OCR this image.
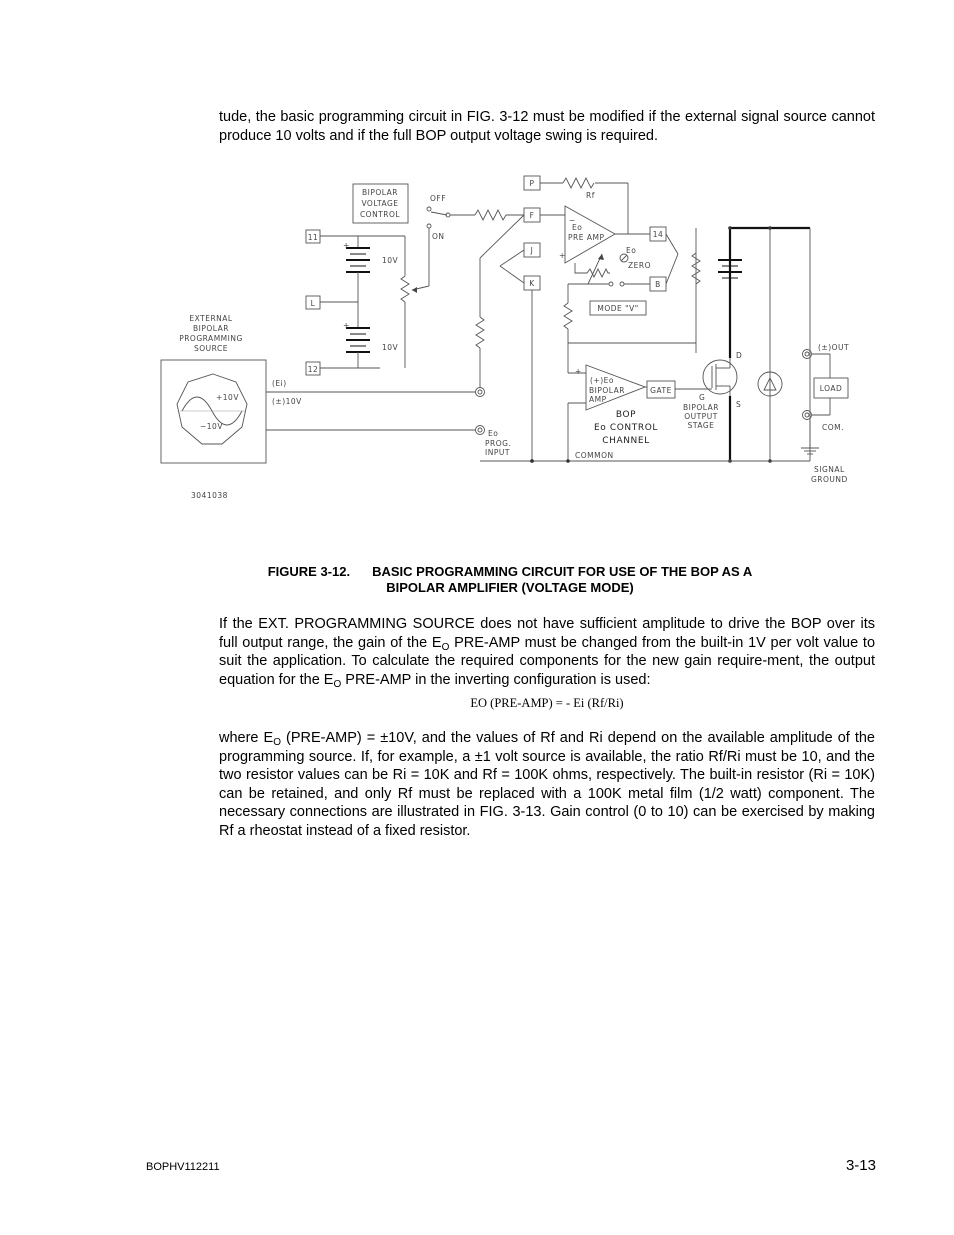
tude, the basic programming circuit in FIG. 3-12 must be modified if the external signal source cannot produce 10 volts and if the full BOP output voltage swing is required.

BIPOLAR
VOLTAGE
CONTROL
OFF
ON
11
L
12
+
10V
+
10V
EXTERNAL
BIPOLAR
PROGRAMMING
SOURCE
+10V
−10V
(Ei)
(±)10V
Eo
PROG.
INPUT
P
F
J
K
Rf
Eo
PRE AMP
−
+
14
B
Eo
ZERO
MODE "V"
(+)Eo
BIPOLAR
AMP
+
GATE
BOP
Eo CONTROL
CHANNEL
D
G
S
BIPOLAR
OUTPUT
STAGE
COMMON
(±)OUT
COM.
LOAD
SIGNAL
GROUND
3041038
FIGURE 3-12. BASIC PROGRAMMING CIRCUIT FOR USE OF THE BOP AS A
BIPOLAR AMPLIFIER (VOLTAGE MODE)

If the EXT. PROGRAMMING SOURCE does not have sufficient amplitude to drive the BOP over its full output range, the gain of the $E_O$ PRE-AMP must be changed from the built-in 1V per volt value to suit the application. To calculate the required components for the new gain require-ment, the output equation for the $E_O$ PRE-AMP in the inverting configuration is used:

EO (PRE-AMP) = - Ei (Rf/Ri)

where $E_O$ (PRE-AMP) = ±10V, and the values of Rf and Ri depend on the available amplitude of the programming source. If, for example, a ±1 volt source is available, the ratio Rf/Ri must be 10, and the two resistor values can be Ri = 10K and Rf = 100K ohms, respectively. The built-in resistor (Ri = 10K) can be retained, and only Rf must be replaced with a 100K metal film (1/2 watt) component. The necessary connections are illustrated in FIG. 3-13. Gain control (0 to 10) can be exercised by making Rf a rheostat instead of a fixed resistor.

BOPHV112211	3-13
